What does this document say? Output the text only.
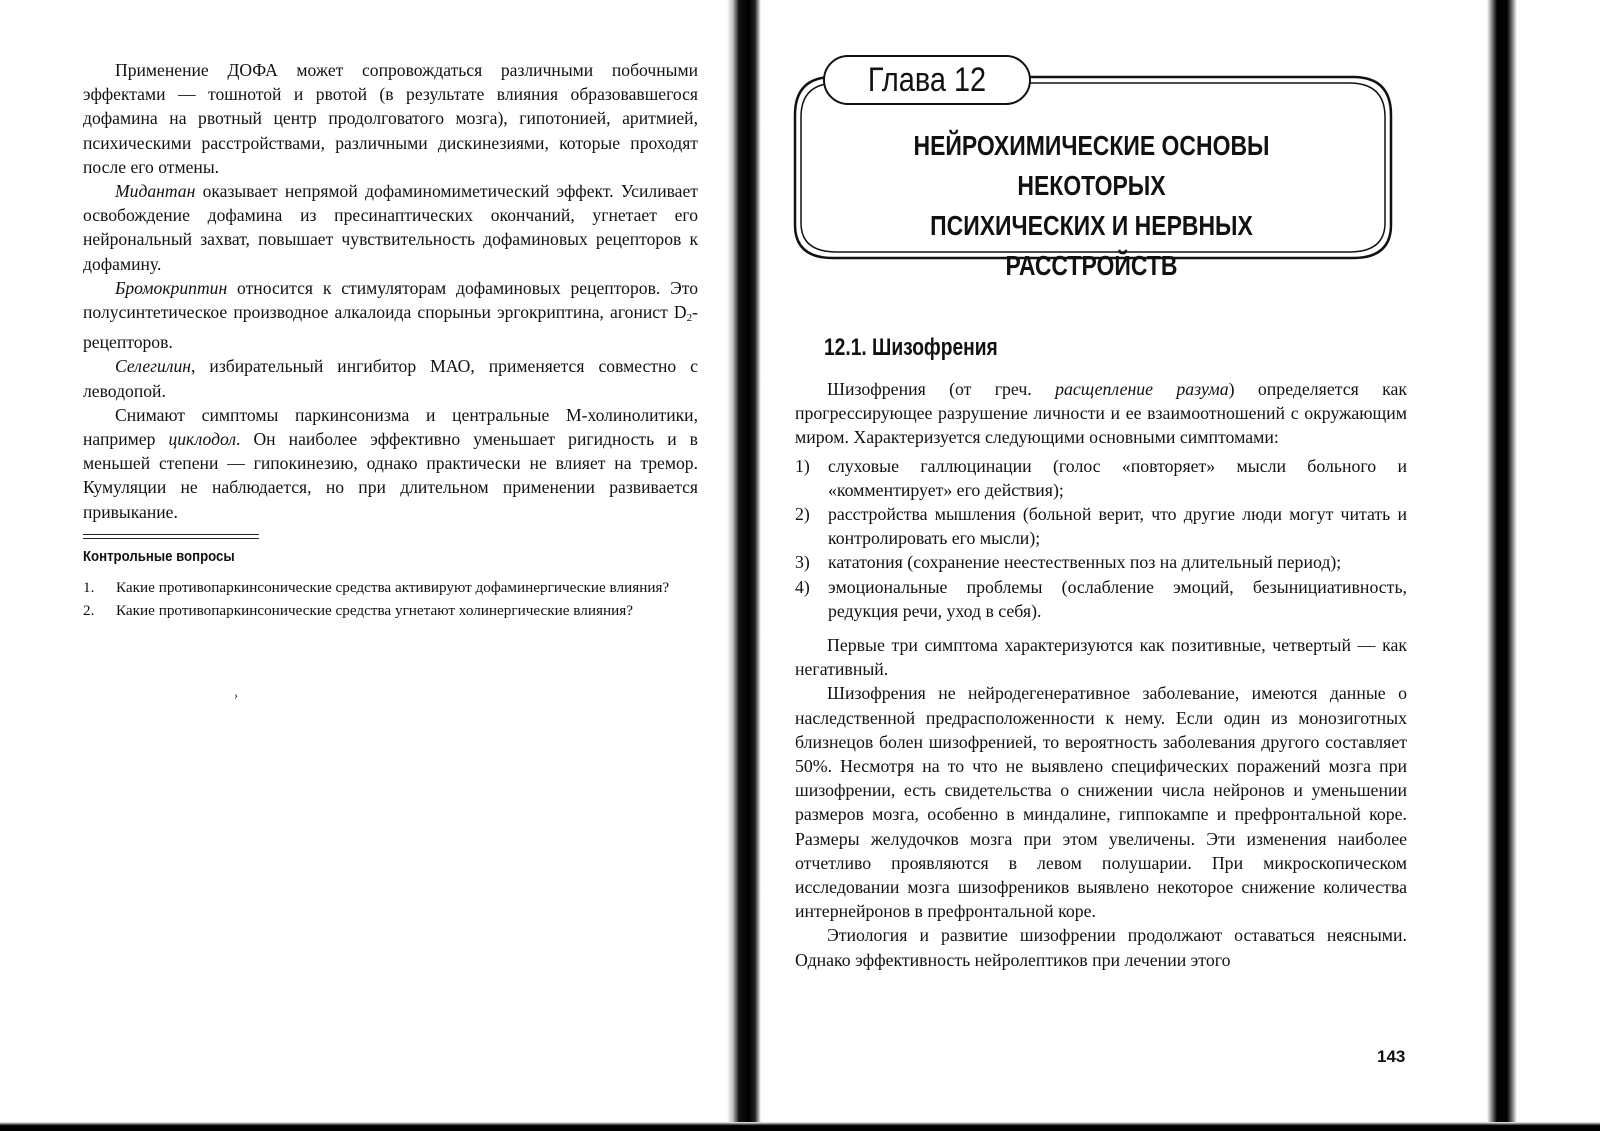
Применение ДОФА может сопровождаться различными побочными эффектами — тошнотой и рвотой (в результате влияния образовавшегося дофамина на рвотный центр продолговатого мозга), гипотонией, аритмией, психическими расстройствами, различными дискинезиями, которые проходят после его отмены.

Мидантан оказывает непрямой дофаминомиметический эффект. Усиливает освобождение дофамина из пресинаптических окончаний, угнетает его нейрональный захват, повышает чувствительность дофаминовых рецепторов к дофамину.

Бромокриптин относится к стимуляторам дофаминовых рецепторов. Это полусинтетическое производное алкалоида спорыньи эргокриптина, агонист D2-рецепторов.

Селегилин, избирательный ингибитор МАО, применяется совместно с леводопой.

Снимают симптомы паркинсонизма и центральные М-холинолитики, например циклодол. Он наиболее эффективно уменьшает ригидность и в меньшей степени — гипокинезию, однако практически не влияет на тремор. Кумуляции не наблюдается, но при длительном применении развивается привыкание.

Контрольные вопросы
1.	Какие противопаркинсонические средства активируют дофаминергические влияния?
2.	Какие противопаркинсонические средства угнетают холинергические влияния?
›
Глава 12
НЕЙРОХИМИЧЕСКИЕ ОСНОВЫ НЕКОТОРЫХ
ПСИХИЧЕСКИХ И НЕРВНЫХ РАССТРОЙСТВ
12.1. Шизофрения

Шизофрения (от греч. расщепление разума) определяется как прогрессирующее разрушение личности и ее взаимоотношений с окружающим миром. Характеризуется следующими основными симптомами:

1)	слуховые галлюцинации (голос «повторяет» мысли больного и «комментирует» его действия);
2)	расстройства мышления (больной верит, что другие люди могут читать и контролировать его мысли);
3)	кататония (сохранение неестественных поз на длительный период);
4)	эмоциональные проблемы (ослабление эмоций, безынициативность, редукция речи, уход в себя).

Первые три симптома характеризуются как позитивные, четвертый — как негативный.

Шизофрения не нейродегенеративное заболевание, имеются данные о наследственной предрасположенности к нему. Если один из монозиготных близнецов болен шизофренией, то вероятность заболевания другого составляет 50%. Несмотря на то что не выявлено специфических поражений мозга при шизофрении, есть свидетельства о снижении числа нейронов и уменьшении размеров мозга, особенно в миндалине, гиппокампе и префронтальной коре. Размеры желудочков мозга при этом увеличены. Эти изменения наиболее отчетливо проявляются в левом полушарии. При микроскопическом исследовании мозга шизофреников выявлено некоторое снижение количества интернейронов в префронтальной коре.

Этиология и развитие шизофрении продолжают оставаться неясными. Однако эффективность нейролептиков при лечении этого

143
